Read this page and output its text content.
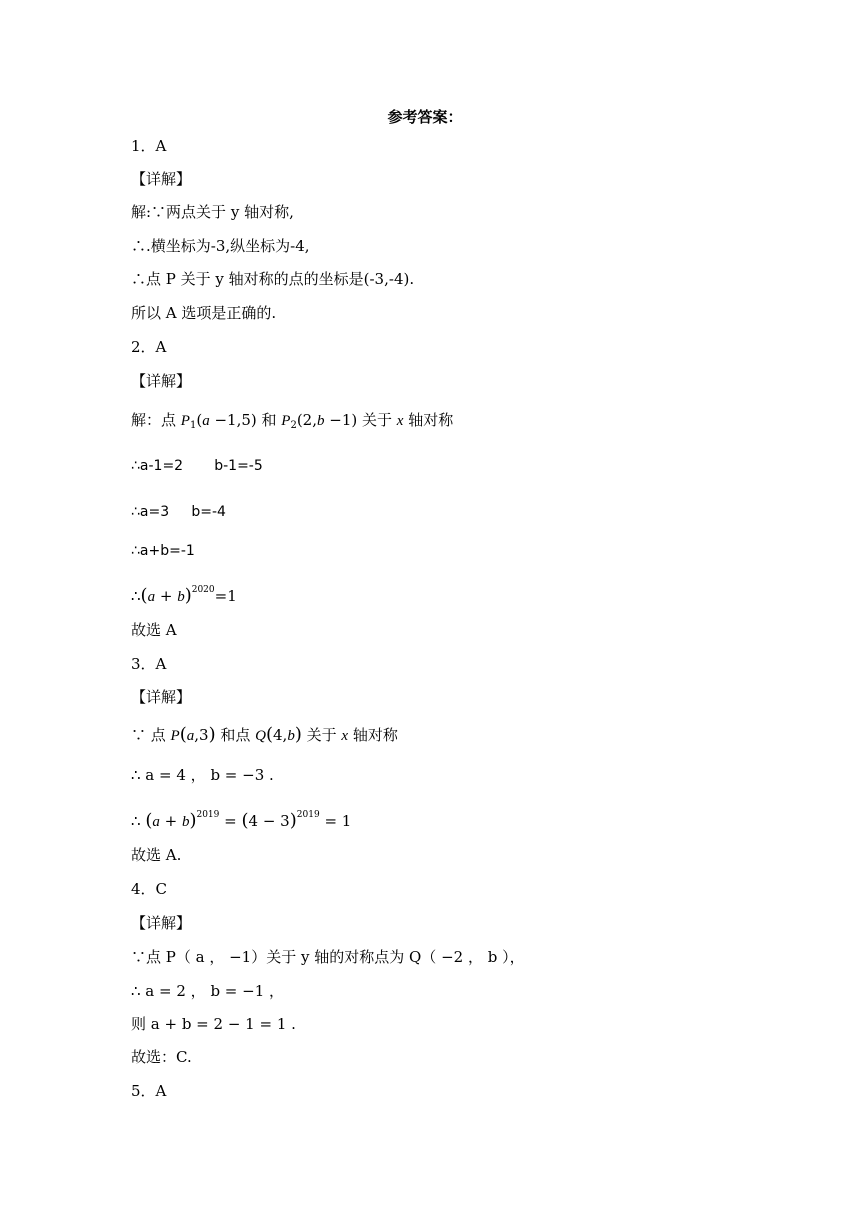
参考答案：
1．A
【详解】
解:∵两点关于 y 轴对称,
∴.横坐标为-3,纵坐标为-4,
∴点 P 关于 y 轴对称的点的坐标是(-3,-4).
所以 A 选项是正确的.
2．A
【详解】
解：点 $P_1(a -1,5)$ 和 $P_2(2,b -1)$ 关于 x 轴对称
∴a-1=2       b-1=-5
∴a=3     b=-4
∴a+b=-1
∴(a + b)$^{2020}$=1
故选 A
3．A
【详解】
∵ 点 P(a,3) 和点 Q(4,b) 关于 x 轴对称
∴ a = 4 ， b = −3 .
∴ $(a + b)^{2019} = (4 - 3)^{2019} = 1$
故选 A.
4．C
【详解】
∵点 P（ a ， −1）关于 y 轴的对称点为 Q（ −2 ， b ），
∴ a = 2 ， b = −1 ，
则 a + b = 2 − 1 = 1 .
故选：C.
5．A
